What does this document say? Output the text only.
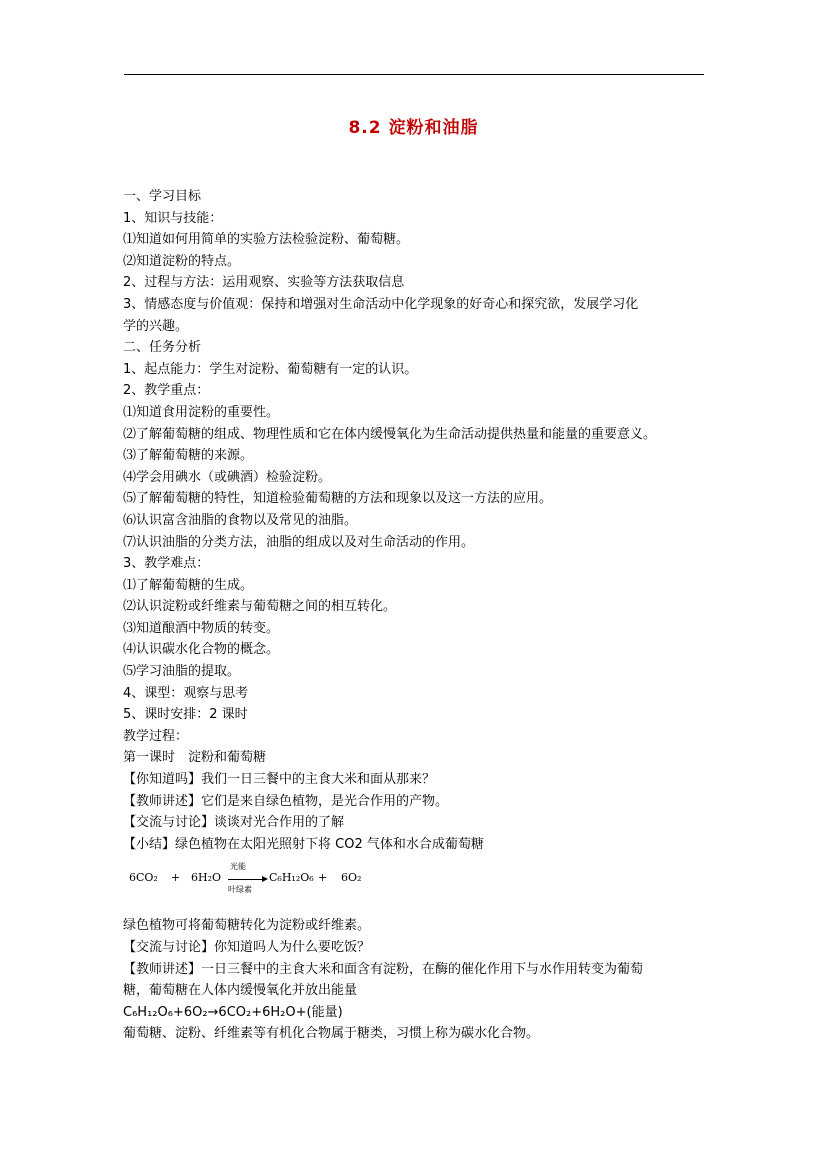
8.2 淀粉和油脂
一、学习目标
1、知识与技能：
⑴知道如何用简单的实验方法检验淀粉、葡萄糖。
⑵知道淀粉的特点。
2、过程与方法：运用观察、实验等方法获取信息
3、情感态度与价值观：保持和增强对生命活动中化学现象的好奇心和探究欲，发展学习化
学的兴趣。
二、任务分析
1、起点能力：学生对淀粉、葡萄糖有一定的认识。
2、教学重点：
⑴知道食用淀粉的重要性。
⑵了解葡萄糖的组成、物理性质和它在体内缓慢氧化为生命活动提供热量和能量的重要意义。
⑶了解葡萄糖的来源。
⑷学会用碘水（或碘酒）检验淀粉。
⑸了解葡萄糖的特性，知道检验葡萄糖的方法和现象以及这一方法的应用。
⑹认识富含油脂的食物以及常见的油脂。
⑺认识油脂的分类方法，油脂的组成以及对生命活动的作用。
3、教学难点：
⑴了解葡萄糖的生成。
⑵认识淀粉或纤维素与葡萄糖之间的相互转化。
⑶知道酿酒中物质的转变。
⑷认识碳水化合物的概念。
⑸学习油脂的提取。
4、课型：观察与思考
5、课时安排：2 课时
教学过程：
第一课时　淀粉和葡萄糖
【你知道吗】我们一日三餐中的主食大米和面从那来？
【教师讲述】它们是来自绿色植物，是光合作用的产物。
【交流与讨论】谈谈对光合作用的了解
【小结】绿色植物在太阳光照射下将 CO2 气体和水合成葡萄糖
6CO₂ + 6H₂O
光能
叶绿素
C₆H₁₂O₆ + 6O₂
绿色植物可将葡萄糖转化为淀粉或纤维素。
【交流与讨论】你知道吗人为什么要吃饭？
【教师讲述】一日三餐中的主食大米和面含有淀粉，在酶的催化作用下与水作用转变为葡萄
糖，葡萄糖在人体内缓慢氧化并放出能量
C₆H₁₂O₆+6O₂→6CO₂+6H₂O+(能量)
葡萄糖、淀粉、纤维素等有机化合物属于糖类，习惯上称为碳水化合物。
